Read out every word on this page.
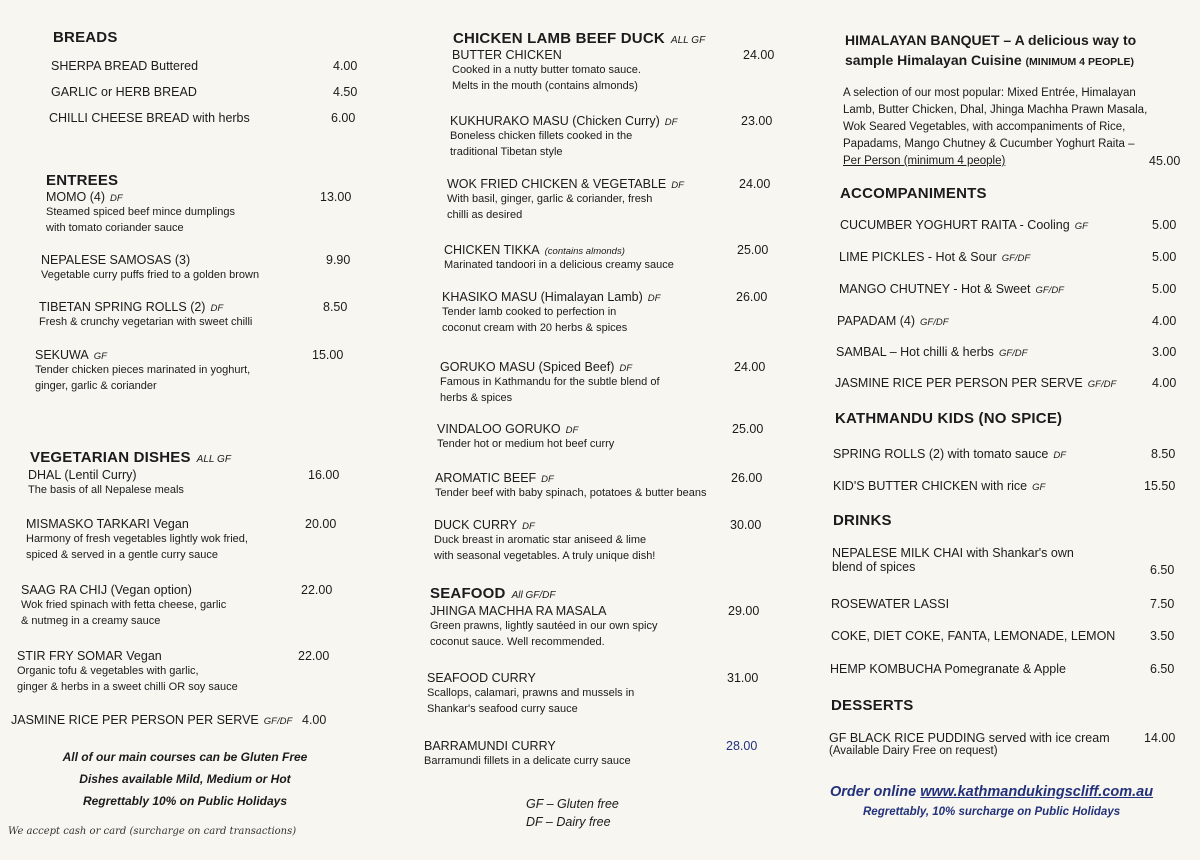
BREADS
SHERPA BREAD Buttered	4.00
GARLIC or HERB BREAD	4.50
CHILLI CHEESE BREAD with herbs	6.00
ENTREES
MOMO (4) DF
Steamed spiced beef mince dumplings
with tomato coriander sauce
13.00
NEPALESE SAMOSAS (3)
Vegetable curry puffs fried to a golden brown
9.90
TIBETAN SPRING ROLLS (2) DF
Fresh & crunchy vegetarian with sweet chilli
8.50
SEKUWA GF
Tender chicken pieces marinated in yoghurt,
ginger, garlic & coriander
15.00
VEGETARIAN DISHES ALL GF
DHAL (Lentil Curry)
The basis of all Nepalese meals
16.00
MISMASKO TARKARI Vegan
Harmony of fresh vegetables lightly wok fried,
spiced & served in a gentle curry sauce
20.00
SAAG RA CHIJ (Vegan option)
Wok fried spinach with fetta cheese, garlic
& nutmeg in a creamy sauce
22.00
STIR FRY SOMAR Vegan
Organic tofu & vegetables with garlic,
ginger & herbs in a sweet chilli OR soy sauce
22.00
JASMINE RICE PER PERSON PER SERVE GF/DF 4.00
All of our main courses can be Gluten Free
Dishes available Mild, Medium or Hot
Regrettably 10% on Public Holidays
We accept cash or card (surcharge on card transactions)
CHICKEN LAMB BEEF DUCK ALL GF
BUTTER CHICKEN
Cooked in a nutty butter tomato sauce.
Melts in the mouth (contains almonds)
24.00
KUKHURAKO MASU (Chicken Curry) DF
Boneless chicken fillets cooked in the
traditional Tibetan style
23.00
WOK FRIED CHICKEN & VEGETABLE DF
With basil, ginger, garlic & coriander, fresh
chilli as desired
24.00
CHICKEN TIKKA (contains almonds)
Marinated tandoori in a delicious creamy sauce
25.00
KHASIKO MASU (Himalayan Lamb) DF
Tender lamb cooked to perfection in
coconut cream with 20 herbs & spices
26.00
GORUKO MASU (Spiced Beef) DF
Famous in Kathmandu for the subtle blend of
herbs & spices
24.00
VINDALOO GORUKO DF
Tender hot or medium hot beef curry
25.00
AROMATIC BEEF DF
Tender beef with baby spinach, potatoes & butter beans
26.00
DUCK CURRY DF
Duck breast in aromatic star aniseed & lime
with seasonal vegetables. A truly unique dish!
30.00
SEAFOOD All GF/DF
JHINGA MACHHA RA MASALA
Green prawns, lightly sautéed in our own spicy
coconut sauce. Well recommended.
29.00
SEAFOOD CURRY
Scallops, calamari, prawns and mussels in
Shankar's seafood curry sauce
31.00
BARRAMUNDI CURRY
Barramundi fillets in a delicate curry sauce
28.00
GF – Gluten free
DF – Dairy free
HIMALAYAN BANQUET – A delicious way to
sample Himalayan Cuisine (MINIMUM 4 PEOPLE)
A selection of our most popular: Mixed Entrée, Himalayan
Lamb, Butter Chicken, Dhal, Jhinga Machha Prawn Masala,
Wok Seared Vegetables, with accompaniments of Rice,
Papadams, Mango Chutney & Cucumber Yoghurt Raita –
Per Person (minimum 4 people)	45.00
ACCOMPANIMENTS
CUCUMBER YOGHURT RAITA - Cooling GF	5.00
LIME PICKLES - Hot & Sour GF/DF	5.00
MANGO CHUTNEY - Hot & Sweet GF/DF	5.00
PAPADAM (4) GF/DF	4.00
SAMBAL – Hot chilli & herbs GF/DF	3.00
JASMINE RICE PER PERSON PER SERVE GF/DF	4.00
KATHMANDU KIDS (NO SPICE)
SPRING ROLLS (2) with tomato sauce DF	8.50
KID'S BUTTER CHICKEN with rice GF	15.50
DRINKS
NEPALESE MILK CHAI with Shankar's own
blend of spices	6.50
ROSEWATER LASSI	7.50
COKE, DIET COKE, FANTA, LEMONADE, LEMON	3.50
HEMP KOMBUCHA Pomegranate & Apple	6.50
DESSERTS
GF BLACK RICE PUDDING served with ice cream
(Available Dairy Free on request)
14.00
Order online www.kathmandukingscliff.com.au
Regrettably, 10% surcharge on Public Holidays
